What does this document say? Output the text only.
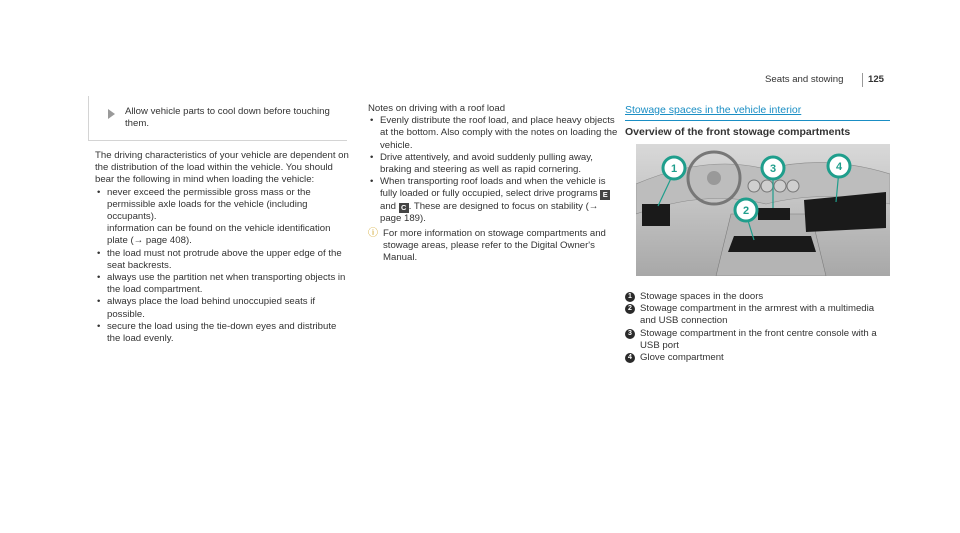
Seats and stowing	125

Allow vehicle parts to cool down before touching them.

The driving characteristics of your vehicle are dependent on the distribution of the load within the vehicle. You should bear the following in mind when loading the vehicle:

• never exceed the permissible gross mass or the permissible axle loads for the vehicle (including occupants).
information can be found on the vehicle identification plate (→ page 408).
• the load must not protrude above the upper edge of the seat backrests.
• always use the partition net when transporting objects in the load compartment.
• always place the load behind unoccupied seats if possible.
• secure the load using the tie-down eyes and distribute the load evenly.

Notes on driving with a roof load

• Evenly distribute the roof load, and place heavy objects at the bottom. Also comply with the notes on loading the vehicle.
• Drive attentively, and avoid suddenly pulling away, braking and steering as well as rapid cornering.
• When transporting roof loads and when the vehicle is fully loaded or fully occupied, select drive programs E and C . These are designed to focus on stability (→ page 189).
ⓘ For more information on stowage compartments and stowage areas, please refer to the Digital Owner's Manual.
Stowage spaces in the vehicle interior
Overview of the front stowage compartments
1
2
3	4
1 Stowage spaces in the doors
2 Stowage compartment in the armrest with a multimedia and USB connection
3 Stowage compartment in the front centre console with a USB port
4 Glove compartment
